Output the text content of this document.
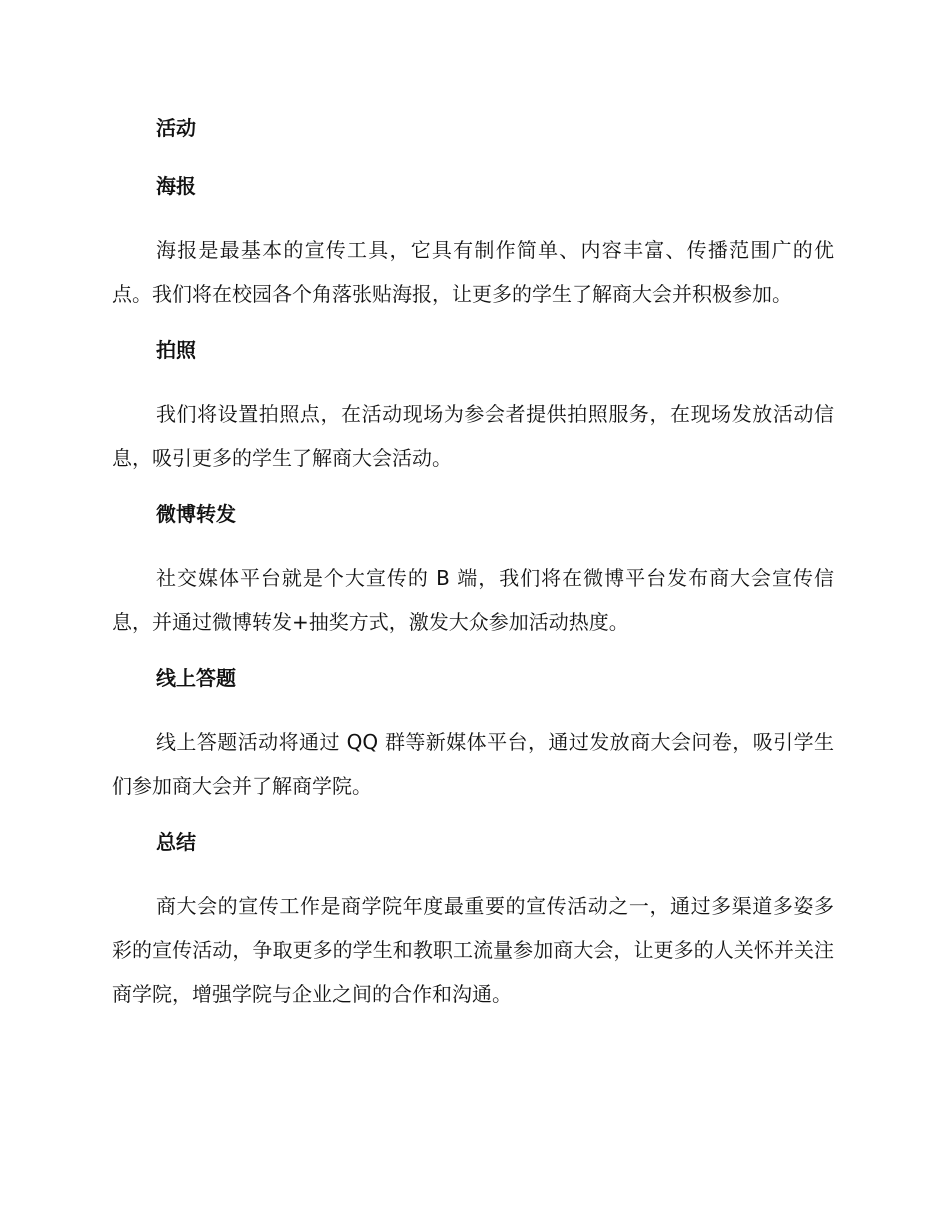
活动
海报

海报是最基本的宣传工具，它具有制作简单、内容丰富、传播范围广的优点。我们将在校园各个角落张贴海报，让更多的学生了解商大会并积极参加。

拍照

我们将设置拍照点，在活动现场为参会者提供拍照服务，在现场发放活动信息，吸引更多的学生了解商大会活动。

微博转发

社交媒体平台就是个大宣传的 B 端，我们将在微博平台发布商大会宣传信息，并通过微博转发+抽奖方式，激发大众参加活动热度。

线上答题

线上答题活动将通过 QQ 群等新媒体平台，通过发放商大会问卷，吸引学生们参加商大会并了解商学院。

总结

商大会的宣传工作是商学院年度最重要的宣传活动之一，通过多渠道多姿多彩的宣传活动，争取更多的学生和教职工流量参加商大会，让更多的人关怀并关注商学院，增强学院与企业之间的合作和沟通。
